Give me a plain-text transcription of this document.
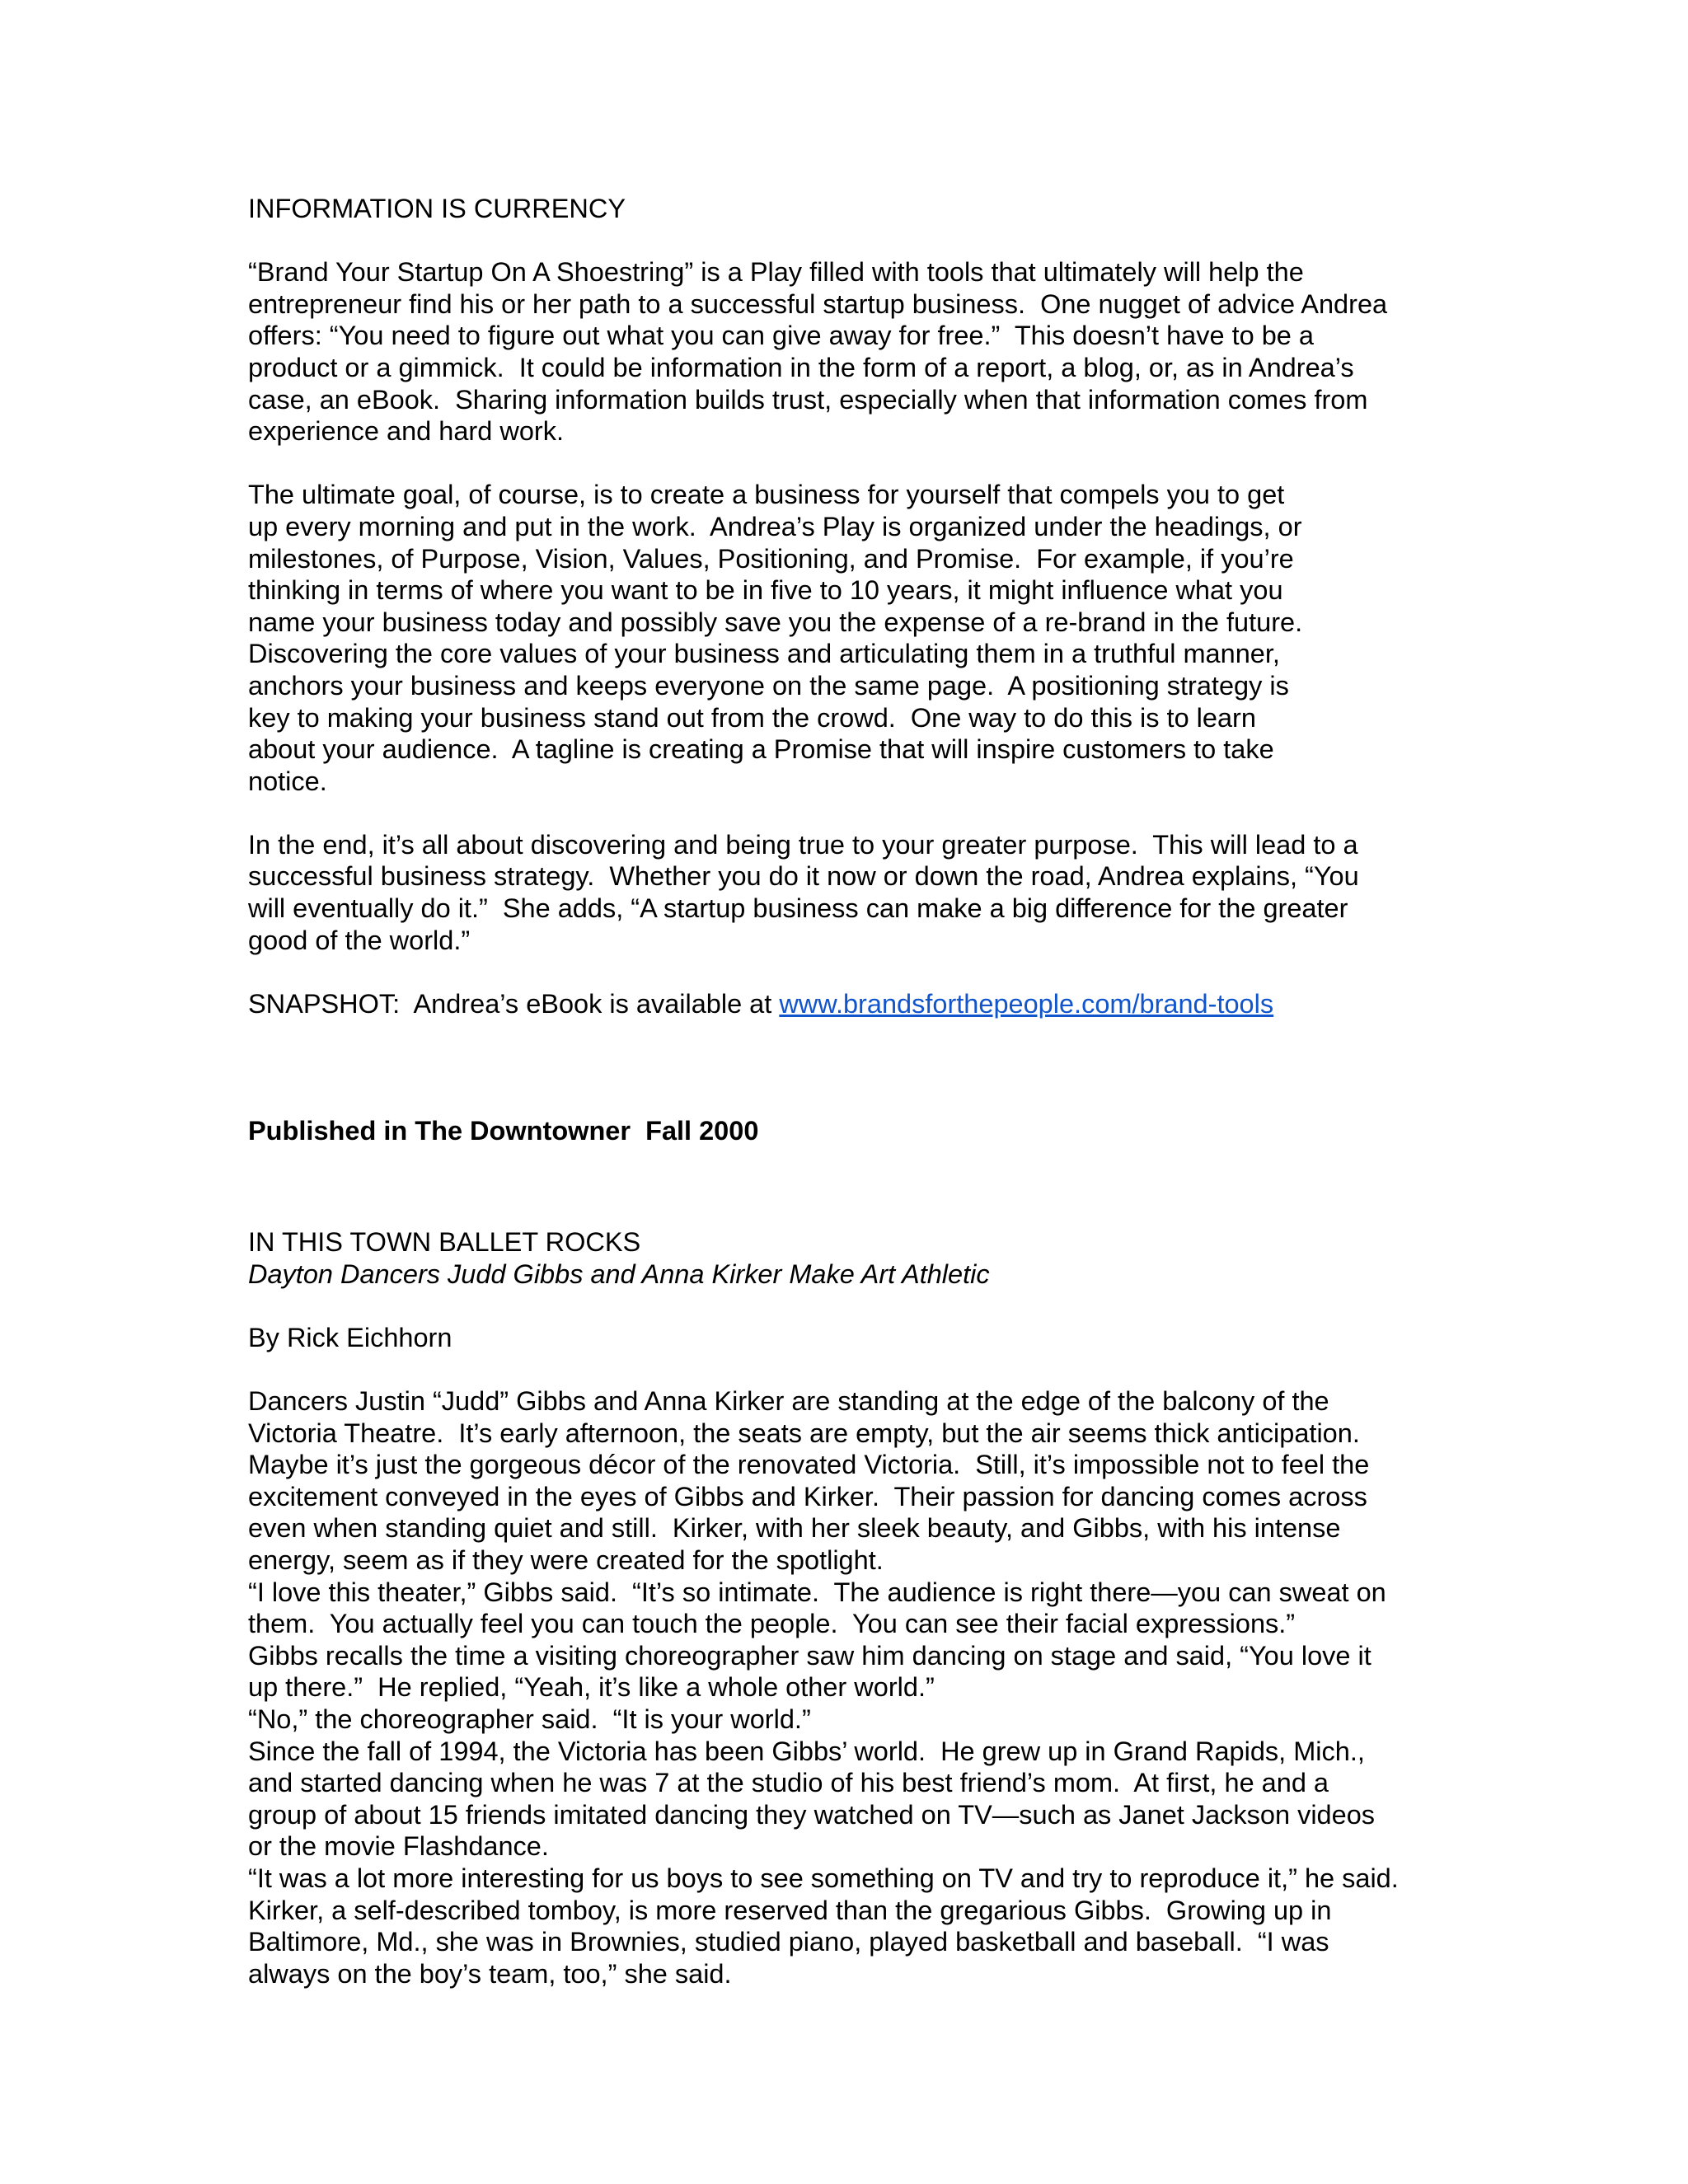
INFORMATION IS CURRENCY
“Brand Your Startup On A Shoestring” is a Play filled with tools that ultimately will help the
entrepreneur find his or her path to a successful startup business.  One nugget of advice Andrea
offers: “You need to figure out what you can give away for free.”  This doesn’t have to be a
product or a gimmick.  It could be information in the form of a report, a blog, or, as in Andrea’s
case, an eBook.  Sharing information builds trust, especially when that information comes from
experience and hard work.
The ultimate goal, of course, is to create a business for yourself that compels you to get
up every morning and put in the work.  Andrea’s Play is organized under the headings, or
milestones, of Purpose, Vision, Values, Positioning, and Promise.  For example, if you’re
thinking in terms of where you want to be in five to 10 years, it might influence what you
name your business today and possibly save you the expense of a re-brand in the future.
Discovering the core values of your business and articulating them in a truthful manner,
anchors your business and keeps everyone on the same page.  A positioning strategy is
key to making your business stand out from the crowd.  One way to do this is to learn
about your audience.  A tagline is creating a Promise that will inspire customers to take
notice.
In the end, it’s all about discovering and being true to your greater purpose.  This will lead to a
successful business strategy.  Whether you do it now or down the road, Andrea explains, “You
will eventually do it.”  She adds, “A startup business can make a big difference for the greater
good of the world.”
SNAPSHOT:  Andrea’s eBook is available at www.brandsforthepeople.com/brand-tools
Published in The Downtowner  Fall 2000
IN THIS TOWN BALLET ROCKS
Dayton Dancers Judd Gibbs and Anna Kirker Make Art Athletic
By Rick Eichhorn
Dancers Justin “Judd” Gibbs and Anna Kirker are standing at the edge of the balcony of the
Victoria Theatre.  It’s early afternoon, the seats are empty, but the air seems thick anticipation.
Maybe it’s just the gorgeous décor of the renovated Victoria.  Still, it’s impossible not to feel the
excitement conveyed in the eyes of Gibbs and Kirker.  Their passion for dancing comes across
even when standing quiet and still.  Kirker, with her sleek beauty, and Gibbs, with his intense
energy, seem as if they were created for the spotlight.
“I love this theater,” Gibbs said.  “It’s so intimate.  The audience is right there—you can sweat on
them.  You actually feel you can touch the people.  You can see their facial expressions.”
Gibbs recalls the time a visiting choreographer saw him dancing on stage and said, “You love it
up there.”  He replied, “Yeah, it’s like a whole other world.”
“No,” the choreographer said.  “It is your world.”
Since the fall of 1994, the Victoria has been Gibbs’ world.  He grew up in Grand Rapids, Mich.,
and started dancing when he was 7 at the studio of his best friend’s mom.  At first, he and a
group of about 15 friends imitated dancing they watched on TV—such as Janet Jackson videos
or the movie Flashdance.
“It was a lot more interesting for us boys to see something on TV and try to reproduce it,” he said.
Kirker, a self-described tomboy, is more reserved than the gregarious Gibbs.  Growing up in
Baltimore, Md., she was in Brownies, studied piano, played basketball and baseball.  “I was
always on the boy’s team, too,” she said.
